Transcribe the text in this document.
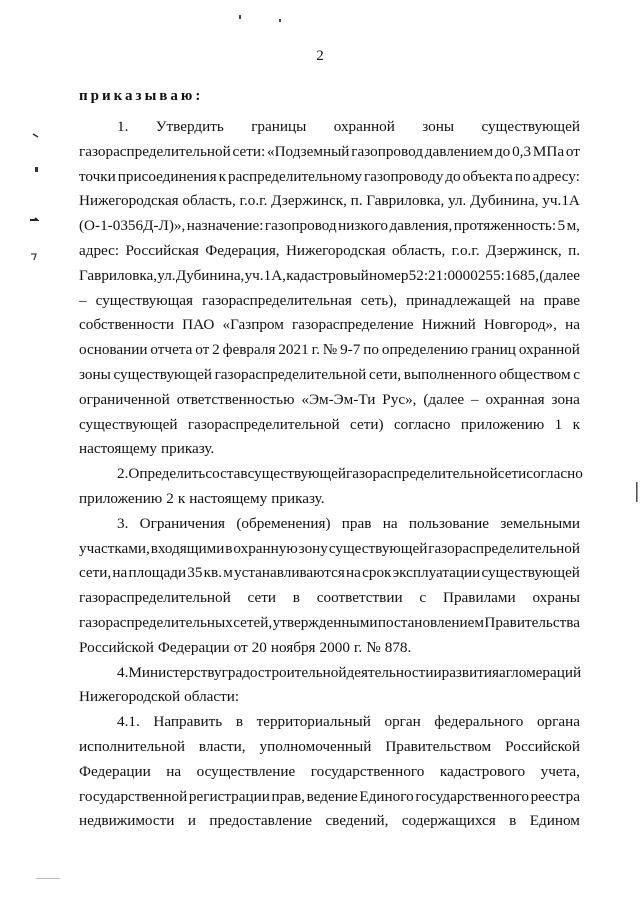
2
приказываю:
1. Утвердить границы охранной зоны существующей
газораспределительной сети: «Подземный газопровод давлением до 0,3 МПа от
точки присоединения к распределительному газопроводу до объекта по адресу:
Нижегородская область, г.о.г. Дзержинск, п. Гавриловка, ул. Дубинина, уч.1А
(О-1-0356Д-Л)», назначение: газопровод низкого давления, протяженность: 5 м,
адрес: Российская Федерация, Нижегородская область, г.о.г. Дзержинск, п.
Гавриловка, ул. Дубинина, уч.1А, кадастровый номер 52:21:0000255:1685, (далее
– существующая газораспределительная сеть), принадлежащей на праве
собственности ПАО «Газпром газораспределение Нижний Новгород», на
основании отчета от 2 февраля 2021 г. № 9-7 по определению границ охранной
зоны существующей газораспределительной сети, выполненного обществом с
ограниченной ответственностью «Эм-Эм-Ти Рус», (далее – охранная зона
существующей газораспределительной сети) согласно приложению 1 к
настоящему приказу.
2. Определить состав существующей газораспределительной сети согласно
приложению 2 к настоящему приказу.
3. Ограничения (обременения) прав на пользование земельными
участками, входящими в охранную зону существующей газораспределительной
сети, на площади 35 кв. м устанавливаются на срок эксплуатации существующей
газораспределительной сети в соответствии с Правилами охраны
газораспределительных сетей, утвержденными постановлением Правительства
Российской Федерации от 20 ноября 2000 г. № 878.
4. Министерству градостроительной деятельности и развития агломераций
Нижегородской области:
4.1. Направить в территориальный орган федерального органа
исполнительной власти, уполномоченный Правительством Российской
Федерации на осуществление государственного кадастрового учета,
государственной регистрации прав, ведение Единого государственного реестра
недвижимости и предоставление сведений, содержащихся в Едином
